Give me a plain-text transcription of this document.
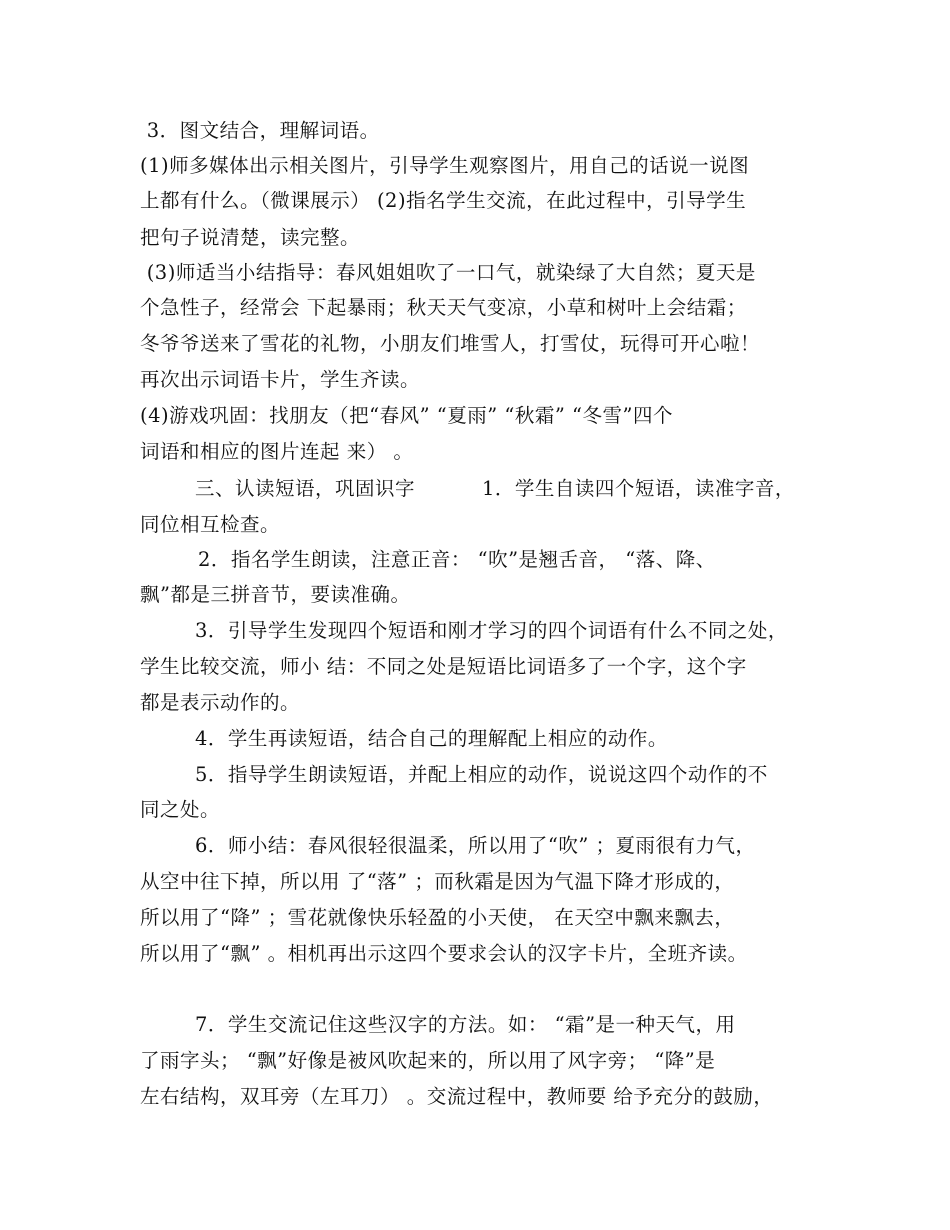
3．图文结合，理解词语。
(1)师多媒体出示相关图片，引导学生观察图片，用自己的话说一说图
上都有什么。（微课展示） (2)指名学生交流，在此过程中，引导学生
把句子说清楚，读完整。
(3)师适当小结指导：春风姐姐吹了一口气，就染绿了大自然；夏天是
个急性子，经常会 下起暴雨；秋天天气变凉，小草和树叶上会结霜；
冬爷爷送来了雪花的礼物，小朋友们堆雪人，打雪仗，玩得可开心啦！
再次出示词语卡片，学生齐读。
(4)游戏巩固：找朋友（把“春风” “夏雨” “秋霜” “冬雪”四个
词语和相应的图片连起 来） 。
三、认读短语，巩固识字          1．学生自读四个短语，读准字音，
同位相互检查。
2．指名学生朗读，注意正音： “吹”是翘舌音， “落、降、
飘”都是三拼音节，要读准确。
3．引导学生发现四个短语和刚才学习的四个词语有什么不同之处，
学生比较交流，师小 结：不同之处是短语比词语多了一个字，这个字
都是表示动作的。
4．学生再读短语，结合自己的理解配上相应的动作。
5．指导学生朗读短语，并配上相应的动作，说说这四个动作的不
同之处。
6．师小结：春风很轻很温柔，所以用了“吹” ；夏雨很有力气，
从空中往下掉，所以用 了“落” ；而秋霜是因为气温下降才形成的，
所以用了“降” ；雪花就像快乐轻盈的小天使， 在天空中飘来飘去，
所以用了“飘” 。相机再出示这四个要求会认的汉字卡片，全班齐读。
7．学生交流记住这些汉字的方法。如： “霜”是一种天气，用
了雨字头； “飘”好像是被风吹起来的，所以用了风字旁； “降”是
左右结构，双耳旁（左耳刀） 。交流过程中，教师要 给予充分的鼓励，
